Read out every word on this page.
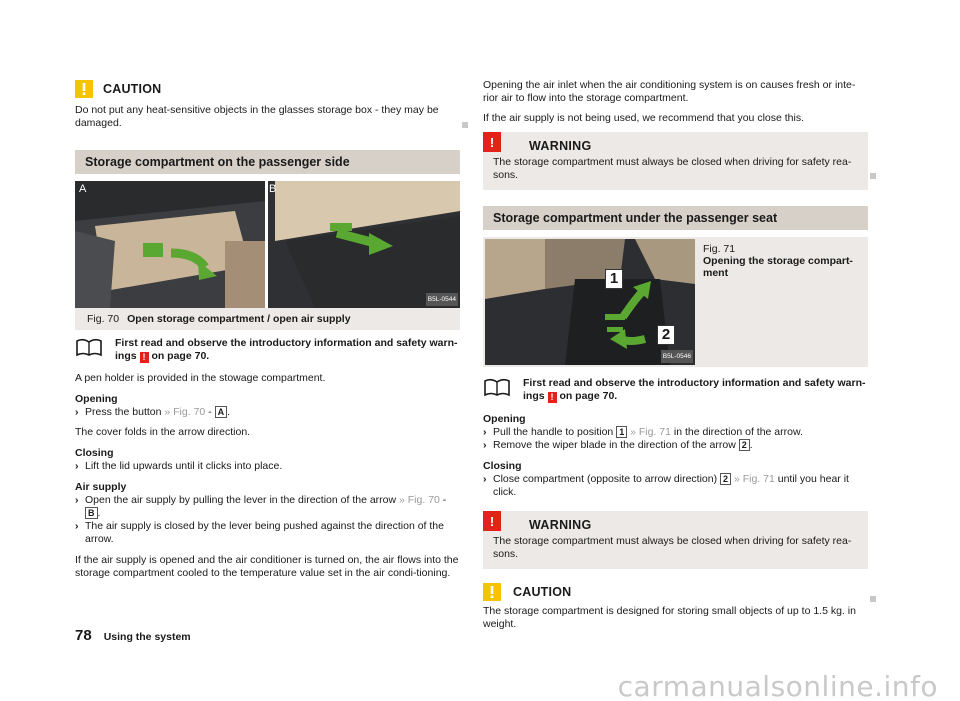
CAUTION
Do not put any heat-sensitive objects in the glasses storage box - they may be damaged.
Storage compartment on the passenger side
A	B
B5L-0544
Fig. 70 Open storage compartment / open air supply
First read and observe the introductory information and safety warn-ings ! on page 70.
A pen holder is provided in the stowage compartment.
Opening
› Press the button » Fig. 70 - A .
The cover folds in the arrow direction.
Closing
› Lift the lid upwards until it clicks into place.
Air supply
› Open the air supply by pulling the lever in the direction of the arrow » Fig. 70 - B .
› The air supply is closed by the lever being pushed against the direction of the arrow.
If the air supply is opened and the air conditioner is turned on, the air flows into the storage compartment cooled to the temperature value set in the air condi-tioning.
Opening the air inlet when the air conditioning system is on causes fresh or inte-rior air to flow into the storage compartment.
If the air supply is not being used, we recommend that you close this.
!	WARNING
The storage compartment must always be closed when driving for safety rea-sons.
Storage compartment under the passenger seat
1
2
B5L-0546
Fig. 71
Opening the storage compart-ment
First read and observe the introductory information and safety warn-ings ! on page 70.
Opening
› Pull the handle to position 1 » Fig. 71 in the direction of the arrow.
› Remove the wiper blade in the direction of the arrow 2 .
Closing
› Close compartment (opposite to arrow direction) 2 » Fig. 71 until you hear it click.
!	WARNING
The storage compartment must always be closed when driving for safety rea-sons.
CAUTION
The storage compartment is designed for storing small objects of up to 1.5 kg. in weight.
78 Using the system
carmanualsonline.info
